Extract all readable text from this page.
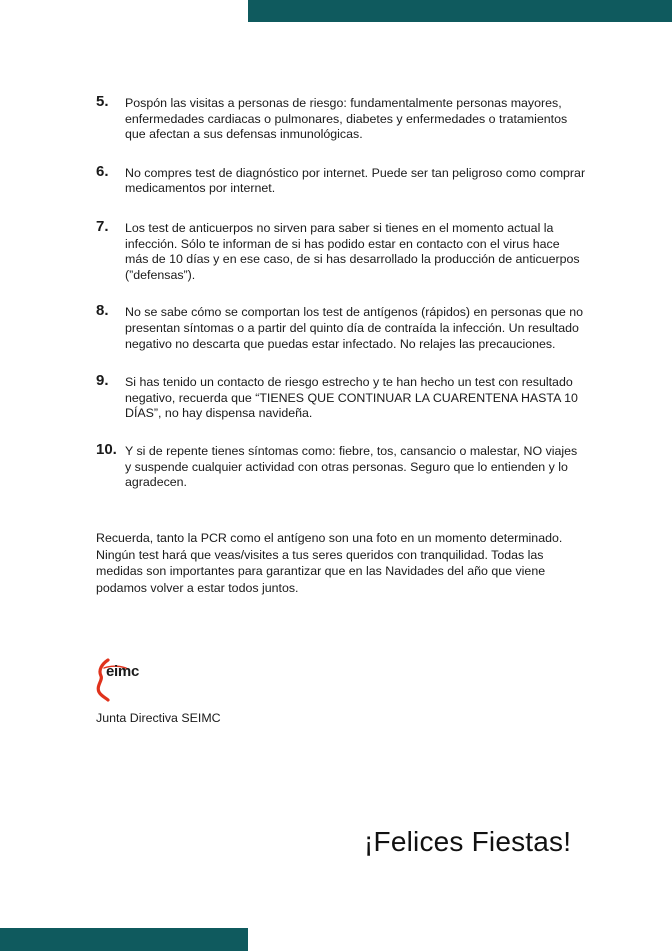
5. Pospón las visitas a personas de riesgo: fundamentalmente personas mayores, enfermedades cardiacas o pulmonares, diabetes y enfermedades o tratamientos que afectan a sus defensas inmunológicas.
6. No compres test de diagnóstico por internet. Puede ser tan peligroso como comprar medicamentos por internet.
7. Los test de anticuerpos no sirven para saber si tienes en el momento actual la infección. Sólo te informan de si has podido estar en contacto con el virus hace más de 10 días y en ese caso, de si has desarrollado la producción de anticuerpos (”defensas”).
8. No se sabe cómo se comportan los test de antígenos (rápidos) en personas que no presentan síntomas o a partir del quinto día de contraída la infección. Un resultado negativo no descarta que puedas estar infectado. No relajes las precauciones.
9. Si has tenido un contacto de riesgo estrecho y te han hecho un test con resultado negativo, recuerda que “TIENES QUE CONTINUAR LA CUARENTENA HASTA 10 DÍAS”, no hay dispensa navideña.
10. Y si de repente tienes síntomas como: fiebre, tos, cansancio o malestar, NO viajes y suspende cualquier actividad con otras personas. Seguro que lo entienden y lo agradecen.
Recuerda, tanto la PCR como el antígeno son una foto en un momento determinado. Ningún test hará que veas/visites a tus seres queridos con tranquilidad. Todas las medidas son importantes para garantizar que en las Navidades del año que viene podamos volver a estar todos juntos.
eimc
Junta Directiva SEIMC
¡Felices Fiestas!
